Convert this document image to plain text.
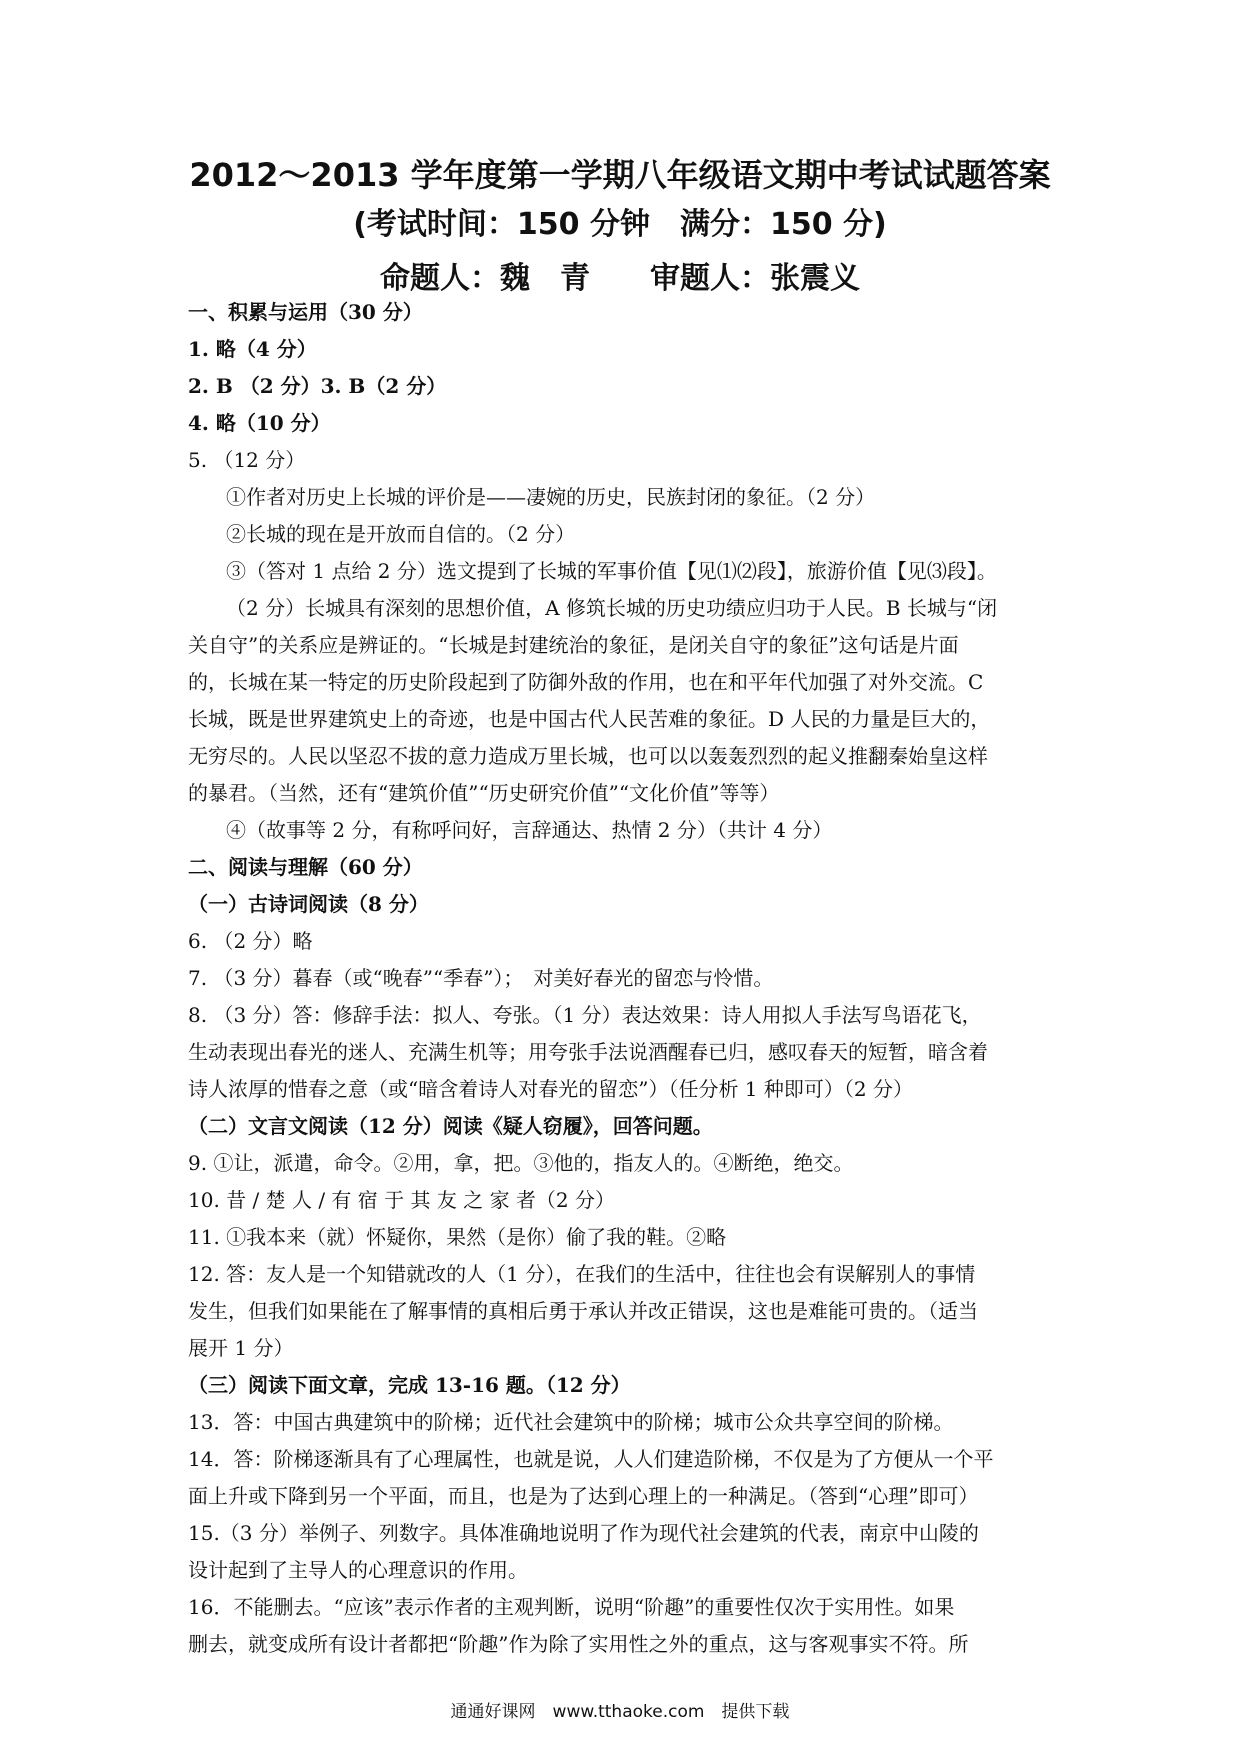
2012～2013 学年度第一学期八年级语文期中考试试题答案
(考试时间：150 分钟　满分：150 分)
命题人：魏　青　　审题人：张震义
一、积累与运用（30 分）
1. 略（4 分）
2. B （2 分）3. B（2 分）
4. 略（10 分）
5. （12 分）
①作者对历史上长城的评价是——凄婉的历史，民族封闭的象征。（2 分）
②长城的现在是开放而自信的。（2 分）
③（答对 1 点给 2 分）选文提到了长城的军事价值【见⑴⑵段】，旅游价值【见⑶段】。
（2 分）长城具有深刻的思想价值，A 修筑长城的历史功绩应归功于人民。B 长城与“闭
关自守”的关系应是辨证的。“长城是封建统治的象征，是闭关自守的象征”这句话是片面
的，长城在某一特定的历史阶段起到了防御外敌的作用，也在和平年代加强了对外交流。C
长城，既是世界建筑史上的奇迹，也是中国古代人民苦难的象征。D 人民的力量是巨大的，
无穷尽的。人民以坚忍不拔的意力造成万里长城，也可以以轰轰烈烈的起义推翻秦始皇这样
的暴君。（当然，还有“建筑价值”“历史研究价值”“文化价值”等等）
④（故事等 2 分，有称呼问好，言辞通达、热情 2 分）（共计 4 分）
二、阅读与理解（60 分）
（一）古诗词阅读（8 分）
6. （2 分）略
7. （3 分）暮春（或“晚春”“季春”）；　对美好春光的留恋与怜惜。
8. （3 分）答：修辞手法：拟人、夸张。（1 分）表达效果：诗人用拟人手法写鸟语花飞，
生动表现出春光的迷人、充满生机等；用夸张手法说酒醒春已归，感叹春天的短暂，暗含着
诗人浓厚的惜春之意（或“暗含着诗人对春光的留恋”）（任分析 1 种即可）（2 分）
（二）文言文阅读（12 分）阅读《疑人窃履》，回答问题。
9. ①让，派遣，命令。②用，拿，把。③他的，指友人的。④断绝，绝交。
10. 昔 / 楚 人 / 有 宿 于 其 友 之 家 者（2 分）
11. ①我本来（就）怀疑你，果然（是你）偷了我的鞋。②略
12. 答：友人是一个知错就改的人（1 分），在我们的生活中，往往也会有误解别人的事情
发生，但我们如果能在了解事情的真相后勇于承认并改正错误，这也是难能可贵的。（适当
展开 1 分）
（三）阅读下面文章，完成 13-16 题。（12 分）
13．答：中国古典建筑中的阶梯；近代社会建筑中的阶梯；城市公众共享空间的阶梯。
14．答：阶梯逐渐具有了心理属性，也就是说，人人们建造阶梯，不仅是为了方便从一个平
面上升或下降到另一个平面，而且，也是为了达到心理上的一种满足。（答到“心理”即可）
15.（3 分）举例子、列数字。具体准确地说明了作为现代社会建筑的代表，南京中山陵的
设计起到了主导人的心理意识的作用。
16．不能删去。“应该”表示作者的主观判断，说明“阶趣”的重要性仅次于实用性。如果
删去，就变成所有设计者都把“阶趣”作为除了实用性之外的重点，这与客观事实不符。所
通通好课网　www.tthaoke.com　提供下载
